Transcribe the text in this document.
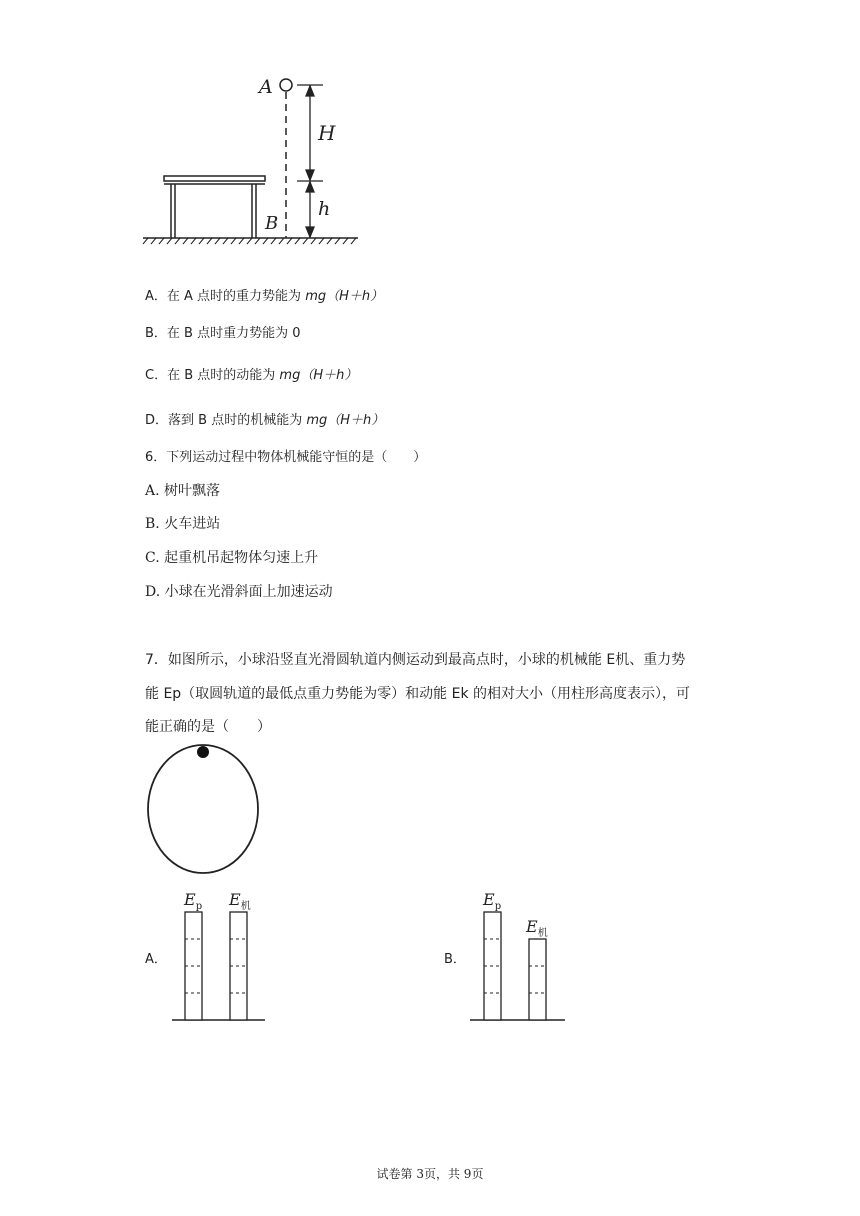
A
B
H
h
A．在 A 点时的重力势能为 mg（H＋h）
B．在 B 点时重力势能为 0
C．在 B 点时的动能为 mg（H＋h）
D．落到 B 点时的机械能为 mg（H＋h）
6．下列运动过程中物体机械能守恒的是（　　）
A. 树叶飘落
B. 火车进站
C. 起重机吊起物体匀速上升
D. 小球在光滑斜面上加速运动
7．如图所示，小球沿竖直光滑圆轨道内侧运动到最高点时，小球的机械能 E机、重力势
能 Ep（取圆轨道的最低点重力势能为零）和动能 Ek 的相对大小（用柱形高度表示），可
能正确的是（　　）
A．
$E_p$ $E_机$
B．
$E_p$
$E_机$
试卷第 3页，共 9页
